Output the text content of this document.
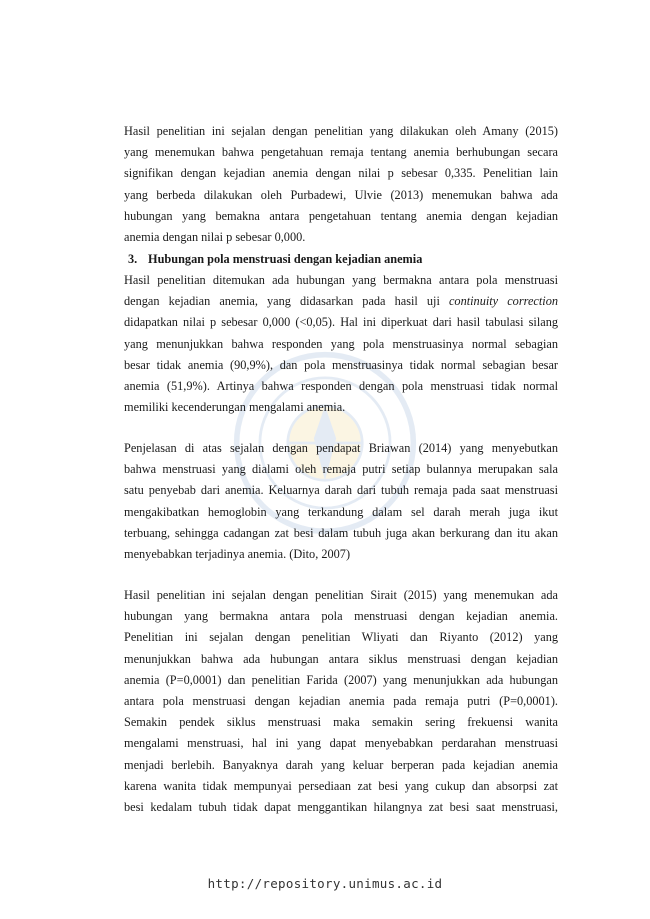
Hasil penelitian ini sejalan dengan penelitian yang dilakukan oleh Amany (2015)
yang menemukan bahwa pengetahuan remaja tentang anemia berhubungan secara
signifikan dengan kejadian anemia dengan nilai p sebesar 0,335. Penelitian lain
yang berbeda dilakukan oleh Purbadewi, Ulvie (2013) menemukan bahwa ada
hubungan yang bemakna antara pengetahuan tentang anemia dengan kejadian
anemia dengan nilai p sebesar 0,000.
3. Hubungan pola menstruasi dengan kejadian anemia
Hasil penelitian ditemukan ada hubungan yang bermakna antara pola menstruasi
dengan kejadian anemia, yang didasarkan pada hasil uji continuity correction
didapatkan nilai p sebesar 0,000 (<0,05). Hal ini diperkuat dari hasil tabulasi silang
yang menunjukkan bahwa responden yang pola menstruasinya normal sebagian
besar tidak anemia (90,9%), dan pola menstruasinya tidak normal sebagian besar
anemia (51,9%). Artinya bahwa responden dengan pola menstruasi tidak normal
memiliki kecenderungan mengalami anemia.
Penjelasan di atas sejalan dengan pendapat Briawan (2014) yang menyebutkan
bahwa menstruasi yang dialami oleh remaja putri setiap bulannya merupakan sala
satu penyebab dari anemia. Keluarnya darah dari tubuh remaja pada saat menstruasi
mengakibatkan hemoglobin yang terkandung dalam sel darah merah juga ikut
terbuang, sehingga cadangan zat besi dalam tubuh juga akan berkurang dan itu akan
menyebabkan terjadinya anemia. (Dito, 2007)
Hasil penelitian ini sejalan dengan penelitian Sirait (2015) yang menemukan ada
hubungan yang bermakna antara pola menstruasi dengan kejadian anemia.
Penelitian ini sejalan dengan penelitian Wliyati dan Riyanto (2012) yang
menunjukkan bahwa ada hubungan antara siklus menstruasi dengan kejadian
anemia (P=0,0001) dan penelitian Farida (2007) yang menunjukkan ada hubungan
antara pola menstruasi dengan kejadian anemia pada remaja putri (P=0,0001).
Semakin pendek siklus menstruasi maka semakin sering frekuensi wanita
mengalami menstruasi, hal ini yang dapat menyebabkan perdarahan menstruasi
menjadi berlebih. Banyaknya darah yang keluar berperan pada kejadian anemia
karena wanita tidak mempunyai persediaan zat besi yang cukup dan absorpsi zat
besi kedalam tubuh tidak dapat menggantikan hilangnya zat besi saat menstruasi,
http://repository.unimus.ac.id
